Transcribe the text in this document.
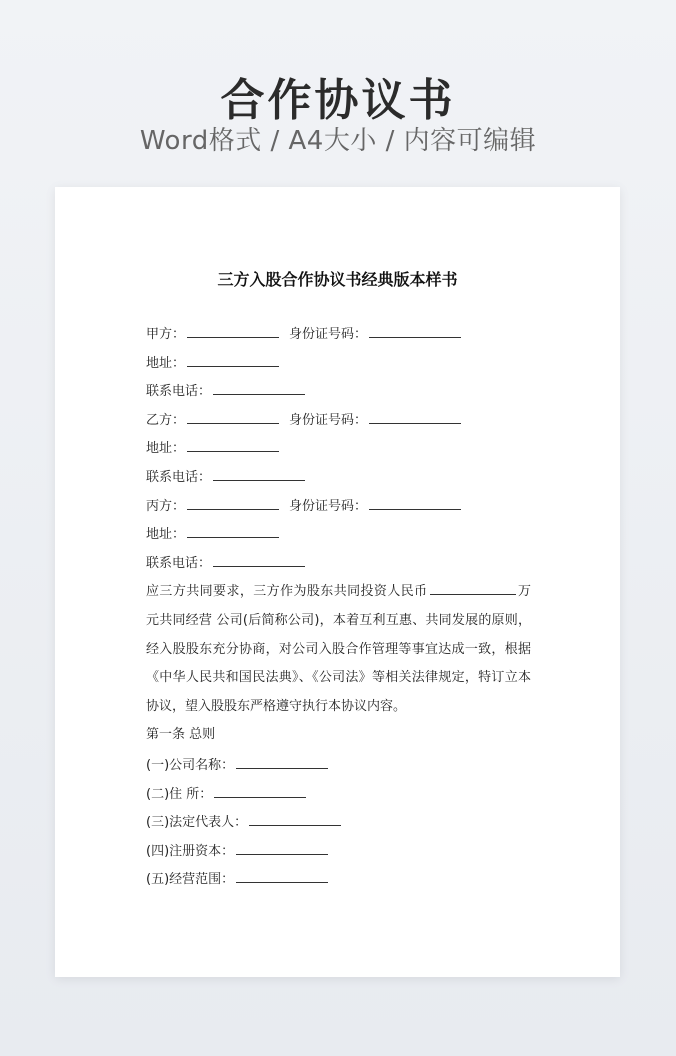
合作协议书
Word格式 / A4大小 / 内容可编辑
三方入股合作协议书经典版本样书
甲方：	身份证号码：
地址：
联系电话：
乙方：	身份证号码：
地址：
联系电话：
丙方：	身份证号码：
地址：
联系电话：
应三方共同要求，三方作为股东共同投资人民币	万元共同经营 公司(后简称公司)，本着互利互惠、共同发展的原则，经入股股东充分协商，对公司入股合作管理等事宜达成一致，根据《中华人民共和国民法典》、《公司法》等相关法律规定，特订立本协议，望入股股东严格遵守执行本协议内容。
第一条 总则
(一)公司名称：
(二)住 所：
(三)法定代表人：
(四)注册资本：
(五)经营范围：
